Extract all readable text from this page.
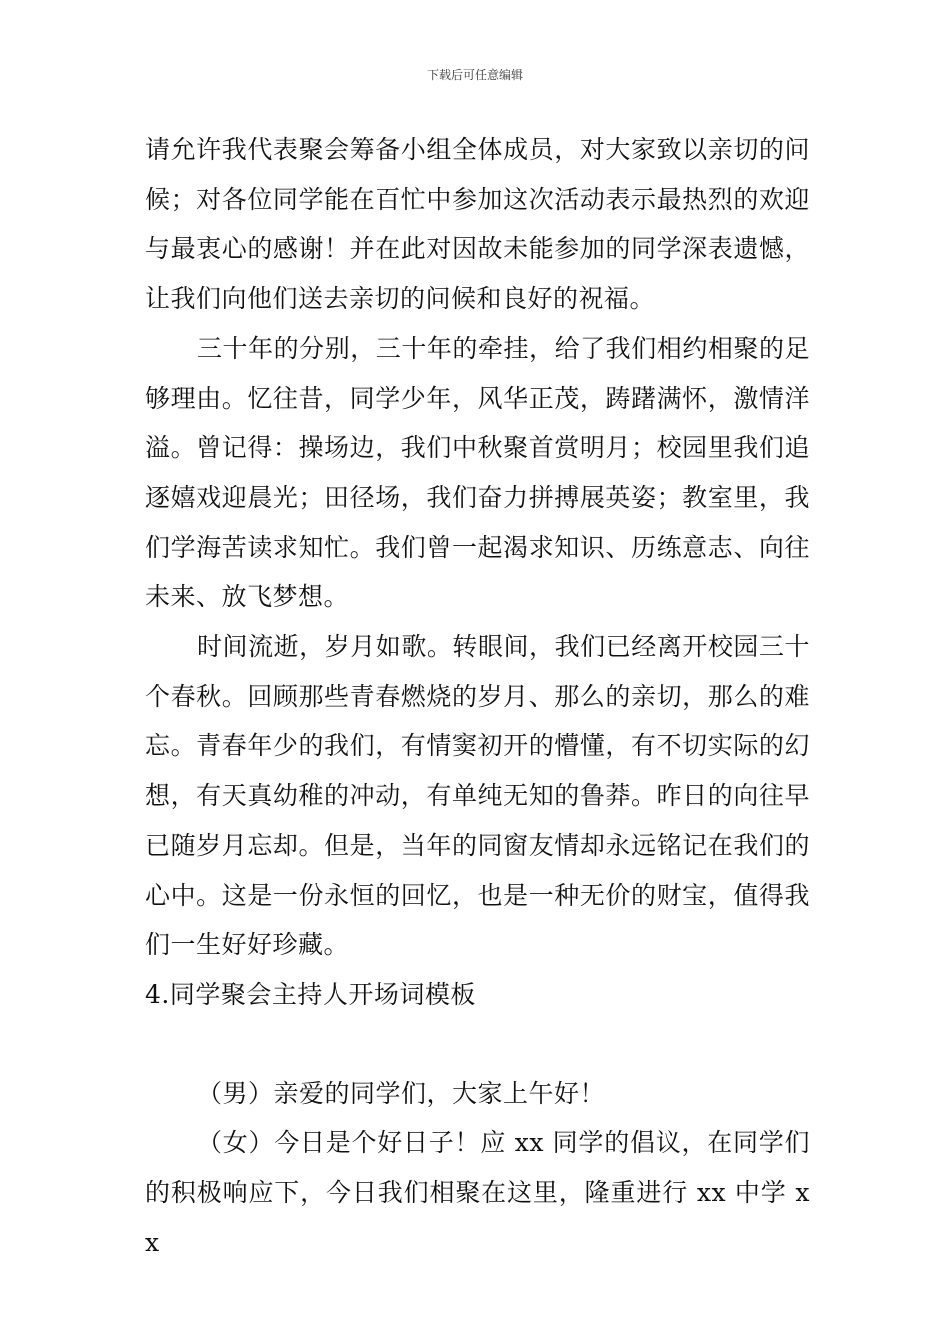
下载后可任意编辑

请允许我代表聚会筹备小组全体成员，对大家致以亲切的问候；对各位同学能在百忙中参加这次活动表示最热烈的欢迎与最衷心的感谢！并在此对因故未能参加的同学深表遗憾，让我们向他们送去亲切的问候和良好的祝福。

三十年的分别，三十年的牵挂，给了我们相约相聚的足够理由。忆往昔，同学少年，风华正茂，踌躇满怀，激情洋溢。曾记得：操场边，我们中秋聚首赏明月；校园里我们追逐嬉戏迎晨光；田径场，我们奋力拼搏展英姿；教室里，我们学海苦读求知忙。我们曾一起渴求知识、历练意志、向往未来、放飞梦想。

时间流逝，岁月如歌。转眼间，我们已经离开校园三十个春秋。回顾那些青春燃烧的岁月、那么的亲切，那么的难忘。青春年少的我们，有情窦初开的懵懂，有不切实际的幻想，有天真幼稚的冲动，有单纯无知的鲁莽。昨日的向往早已随岁月忘却。但是，当年的同窗友情却永远铭记在我们的心中。这是一份永恒的回忆，也是一种无价的财宝，值得我们一生好好珍藏。

4.同学聚会主持人开场词模板

（男）亲爱的同学们，大家上午好！

（女）今日是个好日子！应 xx 同学的倡议，在同学们的积极响应下，今日我们相聚在这里，隆重进行 xx 中学 xx
